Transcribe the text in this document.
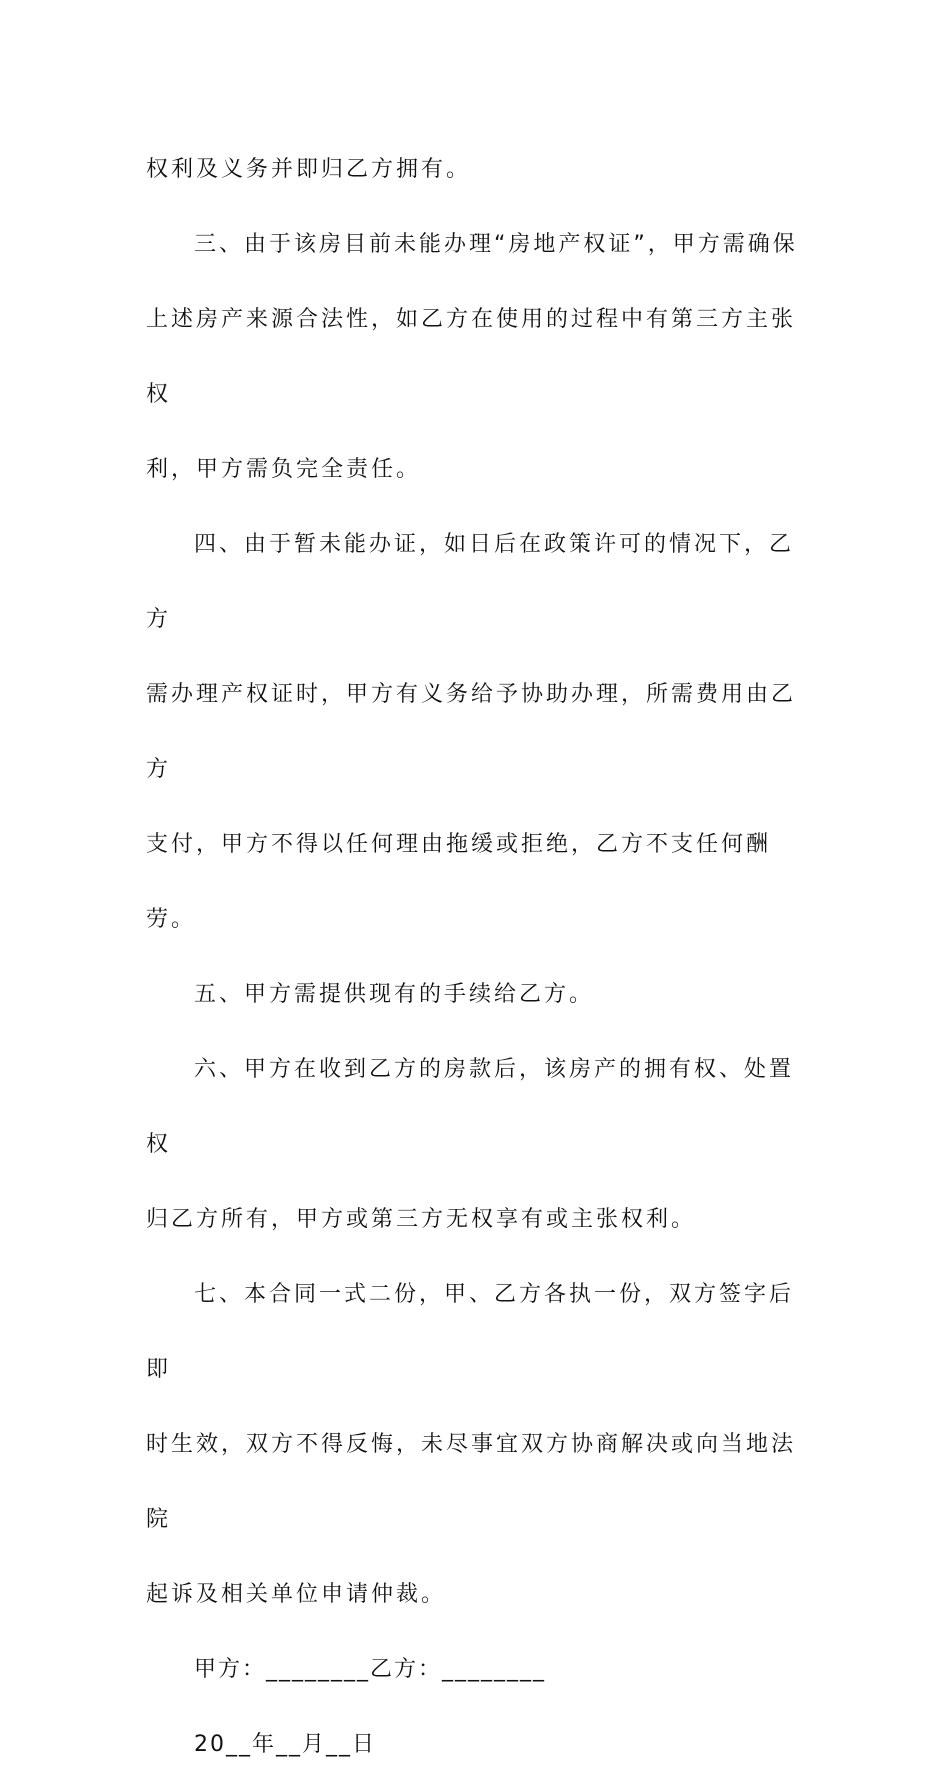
权利及义务并即归乙方拥有。

三、由于该房目前未能办理“房地产权证”，甲方需确保

上述房产来源合法性，如乙方在使用的过程中有第三方主张权

利，甲方需负完全责任。

四、由于暂未能办证，如日后在政策许可的情况下，乙方

需办理产权证时，甲方有义务给予协助办理，所需费用由乙方

支付，甲方不得以任何理由拖缓或拒绝，乙方不支任何酬劳。

五、甲方需提供现有的手续给乙方。

六、甲方在收到乙方的房款后，该房产的拥有权、处置权

归乙方所有，甲方或第三方无权享有或主张权利。

七、本合同一式二份，甲、乙方各执一份，双方签字后即

时生效，双方不得反悔，未尽事宜双方协商解决或向当地法院

起诉及相关单位申请仲裁。

甲方：________乙方：________

20__年__月__日
